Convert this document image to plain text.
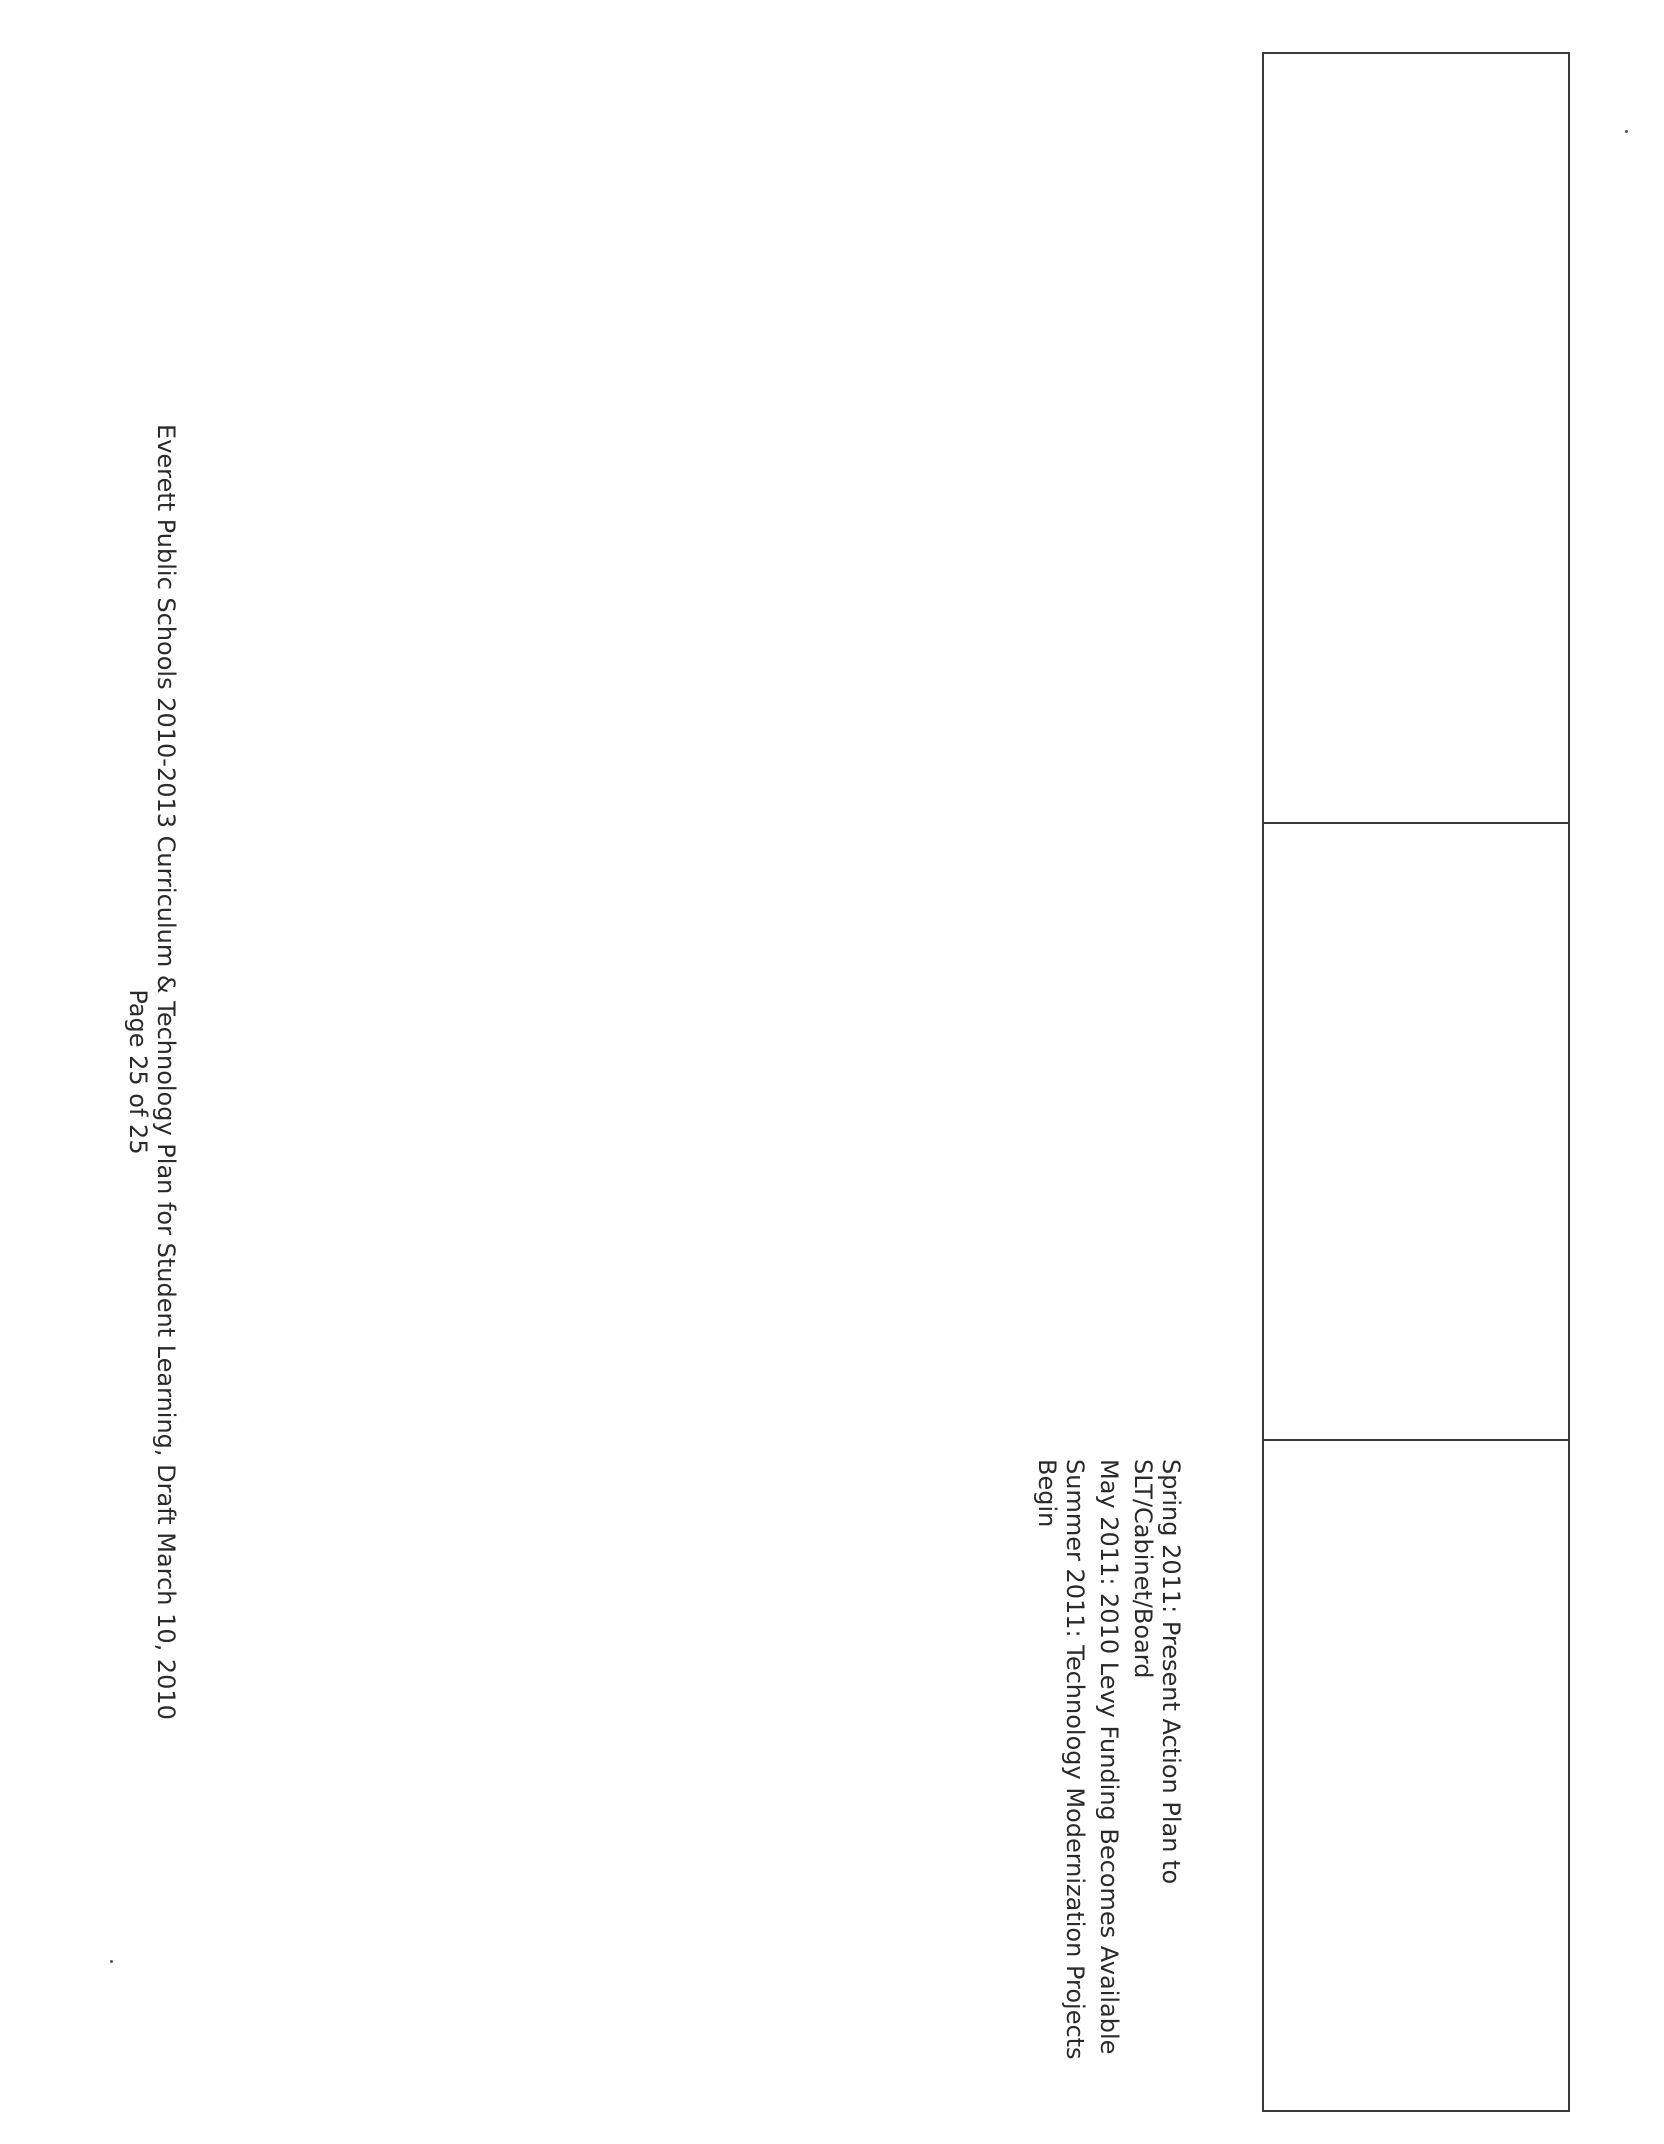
Spring 2011: Present Action Plan to SLT/Cabinet/Board

May 2011: 2010 Levy Funding Becomes Available

Summer 2011: Technology Modernization Projects Begin

Everett Public Schools 2010-2013 Curriculum & Technology Plan for Student Learning, Draft March 10, 2010
Page 25 of 25
